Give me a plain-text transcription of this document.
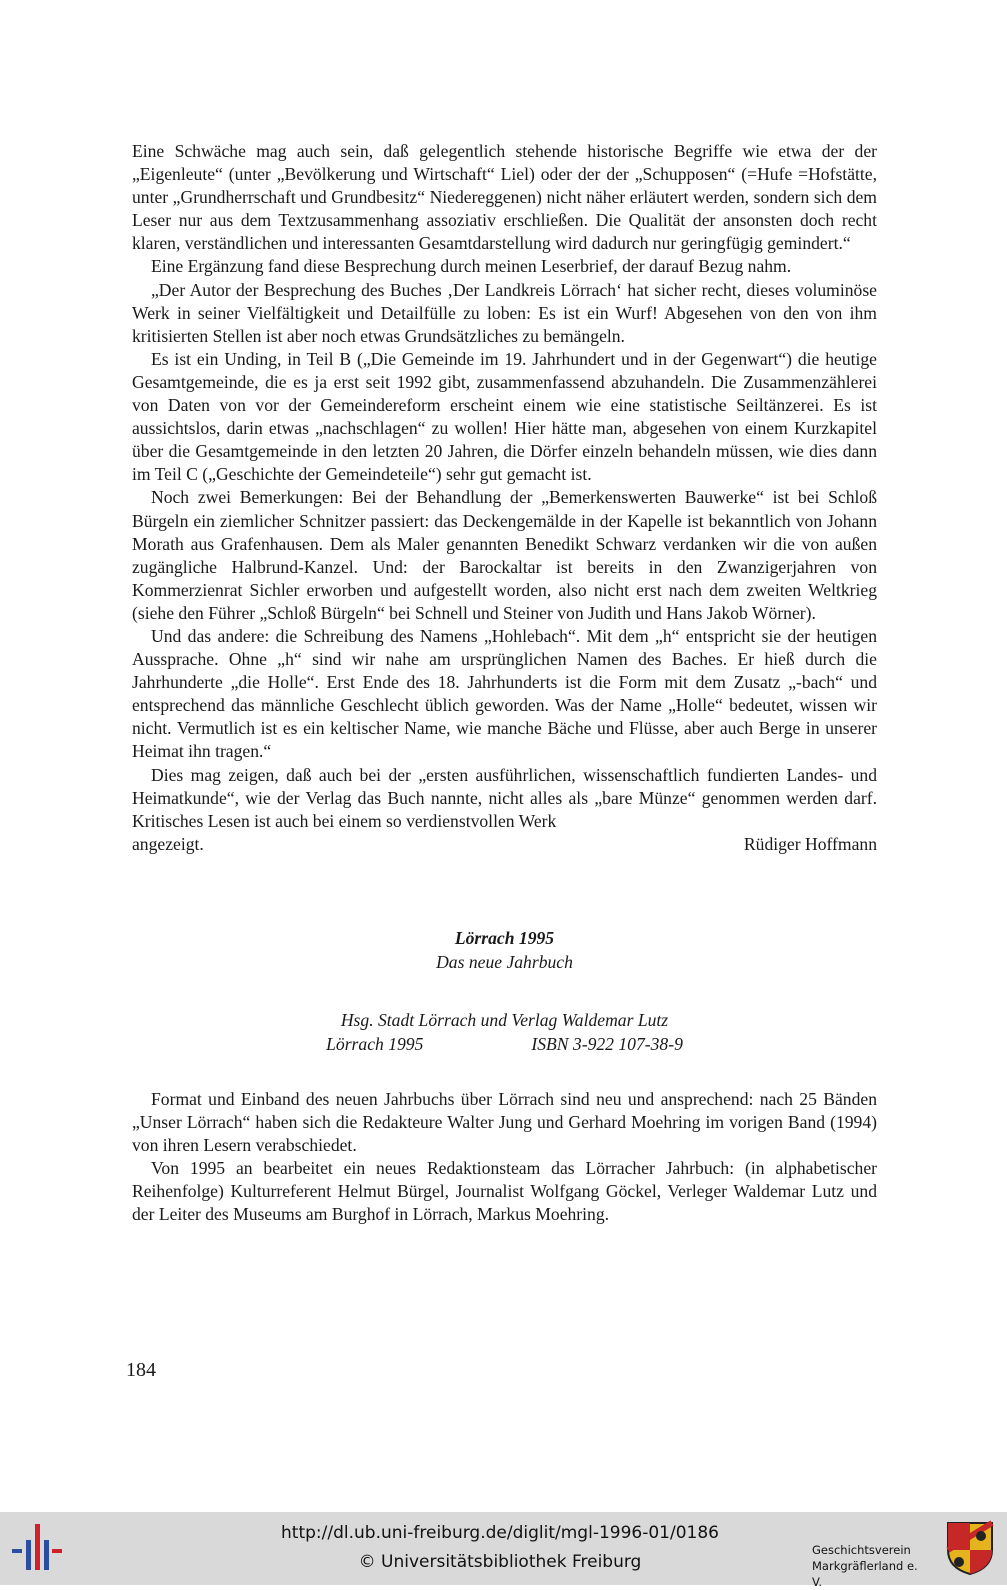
Eine Schwäche mag auch sein, daß gelegentlich stehende historische Begriffe wie etwa der der „Eigenleute“ (unter „Bevölkerung und Wirtschaft“ Liel) oder der der „Schupposen“ (=Hufe =Hofstätte, unter „Grundherrschaft und Grundbesitz“ Niedereggenen) nicht näher erläutert werden, sondern sich dem Leser nur aus dem Textzusammenhang assoziativ erschließen. Die Qualität der ansonsten doch recht klaren, verständlichen und interessanten Gesamtdarstellung wird dadurch nur geringfügig gemindert.“

Eine Ergänzung fand diese Besprechung durch meinen Leserbrief, der darauf Bezug nahm.

„Der Autor der Besprechung des Buches ‚Der Landkreis Lörrach‘ hat sicher recht, dieses voluminöse Werk in seiner Vielfältigkeit und Detailfülle zu loben: Es ist ein Wurf! Abgesehen von den von ihm kritisierten Stellen ist aber noch etwas Grundsätzliches zu bemängeln.

Es ist ein Unding, in Teil B („Die Gemeinde im 19. Jahrhundert und in der Gegenwart“) die heutige Gesamtgemeinde, die es ja erst seit 1992 gibt, zusammenfassend abzuhandeln. Die Zusammenzählerei von Daten von vor der Gemeindereform erscheint einem wie eine statistische Seiltänzerei. Es ist aussichtslos, darin etwas „nachschlagen“ zu wollen! Hier hätte man, abgesehen von einem Kurzkapitel über die Gesamtgemeinde in den letzten 20 Jahren, die Dörfer einzeln behandeln müssen, wie dies dann im Teil C („Geschichte der Gemeindeteile“) sehr gut gemacht ist.

Noch zwei Bemerkungen: Bei der Behandlung der „Bemerkenswerten Bauwerke“ ist bei Schloß Bürgeln ein ziemlicher Schnitzer passiert: das Deckengemälde in der Kapelle ist bekanntlich von Johann Morath aus Grafenhausen. Dem als Maler genannten Benedikt Schwarz verdanken wir die von außen zugängliche Halbrund-Kanzel. Und: der Barockaltar ist bereits in den Zwanzigerjahren von Kommerzienrat Sichler erworben und aufgestellt worden, also nicht erst nach dem zweiten Weltkrieg (siehe den Führer „Schloß Bürgeln“ bei Schnell und Steiner von Judith und Hans Jakob Wörner).

Und das andere: die Schreibung des Namens „Hohlebach“. Mit dem „h“ entspricht sie der heutigen Aussprache. Ohne „h“ sind wir nahe am ursprünglichen Namen des Baches. Er hieß durch die Jahrhunderte „die Holle“. Erst Ende des 18. Jahrhunderts ist die Form mit dem Zusatz „-bach“ und entsprechend das männliche Geschlecht üblich geworden. Was der Name „Holle“ bedeutet, wissen wir nicht. Vermutlich ist es ein keltischer Name, wie manche Bäche und Flüsse, aber auch Berge in unserer Heimat ihn tragen.“

Dies mag zeigen, daß auch bei der „ersten ausführlichen, wissenschaftlich fundierten Landes- und Heimatkunde“, wie der Verlag das Buch nannte, nicht alles als „bare Münze“ genommen werden darf. Kritisches Lesen ist auch bei einem so verdienstvollen Werk

angezeigt.	Rüdiger Hoffmann
Lörrach 1995
Das neue Jahrbuch
Hsg. Stadt Lörrach und Verlag Waldemar Lutz
Lörrach 1995	ISBN 3-922 107-38-9

Format und Einband des neuen Jahrbuchs über Lörrach sind neu und ansprechend: nach 25 Bänden „Unser Lörrach“ haben sich die Redakteure Walter Jung und Gerhard Moehring im vorigen Band (1994) von ihren Lesern verabschiedet.

Von 1995 an bearbeitet ein neues Redaktionsteam das Lörracher Jahrbuch: (in alphabetischer Reihenfolge) Kulturreferent Helmut Bürgel, Journalist Wolfgang Göckel, Verleger Waldemar Lutz und der Leiter des Museums am Burghof in Lörrach, Markus Moehring.

184
http://dl.ub.uni-freiburg.de/diglit/mgl-1996-01/0186
© Universitätsbibliothek Freiburg
Geschichtsverein
Markgräflerland e. V.
